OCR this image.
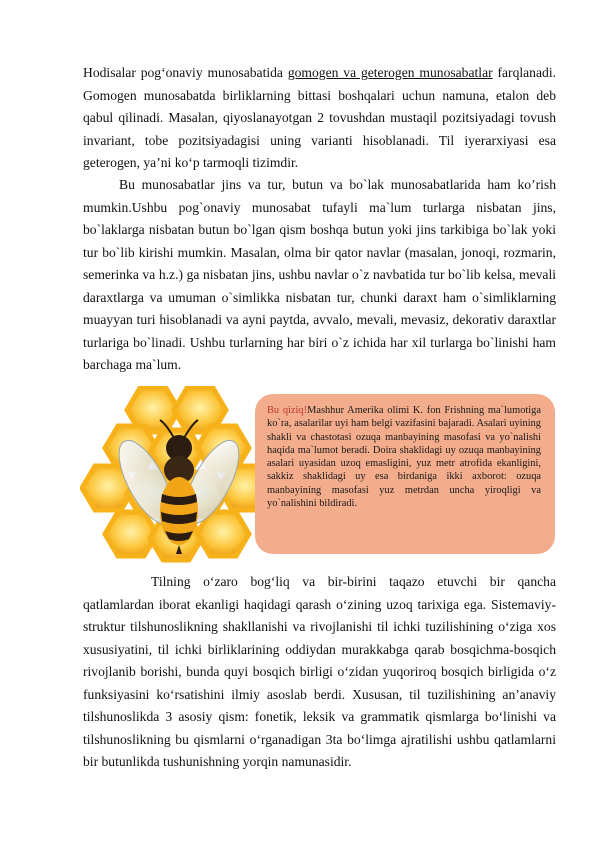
Hodisalar pog‘onaviy munosabatida gomogen va geterogen munosabatlar farqlanadi. Gomogen munosabatda birliklarning bittasi boshqalari uchun namuna, etalon deb qabul qilinadi. Masalan, qiyoslanayotgan 2 tovushdan mustaqil pozitsiyadagi tovush invariant, tobe pozitsiyadagisi uning varianti hisoblanadi. Til iyerarxiyasi esa geterogen, ya’ni ko‘p tarmoqli tizimdir.

Bu munosabatlar jins va tur, butun va bo`lak munosabatlarida ham ko’rish mumkin.Ushbu pog`onaviy munosabat tufayli ma`lum turlarga nisbatan jins, bo`laklarga nisbatan butun bo`lgan qism boshqa butun yoki jins tarkibiga bo`lak yoki tur bo`lib kirishi mumkin. Masalan, olma bir qator navlar (masalan, jonoqi, rozmarin, semerinka va h.z.) ga nisbatan jins, ushbu navlar o`z navbatida tur bo`lib kelsa, mevali daraxtlarga va umuman o`simlikka nisbatan tur, chunki daraxt ham o`simliklarning muayyan turi hisoblanadi va ayni paytda, avvalo, mevali, mevasiz, dekorativ daraxtlar turlariga bo`linadi. Ushbu turlarning har biri o`z ichida har xil turlarga bo`linishi ham barchaga ma`lum.

Bu qiziq!Mashhur Amerika olimi K. fon Frishning ma`lumotiga ko`ra, asalarilar uyi ham belgi vazifasini bajaradi. Asalari uyining shakli va chastotasi ozuqa manbayining masofasi va yo`nalishi haqida ma`lumot beradi. Doira shaklidagi uy ozuqa manbayining asalari uyasidan uzoq emasligini, yuz metr atrofida ekanligini, sakkiz shaklidagi uy esa birdaniga ikki axborot: ozuqa manbayining masofasi yuz metrdan uncha yiroqligi va yo`nalishini bildiradi.

Tilning o‘zaro bog‘liq va bir-birini taqazo etuvchi bir qancha qatlamlardan iborat ekanligi haqidagi qarash o‘zining uzoq tarixiga ega. Sistemaviy-struktur tilshunoslikning shakllanishi va rivojlanishi til ichki tuzilishining o‘ziga xos xususiyatini, til ichki birliklarining oddiydan murakkabga qarab bosqichma-bosqich rivojlanib borishi, bunda quyi bosqich birligi o‘zidan yuqoriroq bosqich birligida o‘z funksiyasini ko‘rsatishini ilmiy asoslab berdi. Xususan, til tuzilishining an’anaviy tilshunoslikda 3 asosiy qism: fonetik, leksik va grammatik qismlarga bo‘linishi va tilshunoslikning bu qismlarni o‘rganadigan 3ta bo‘limga ajratilishi ushbu qatlamlarni bir butunlikda tushunishning yorqin namunasidir.
